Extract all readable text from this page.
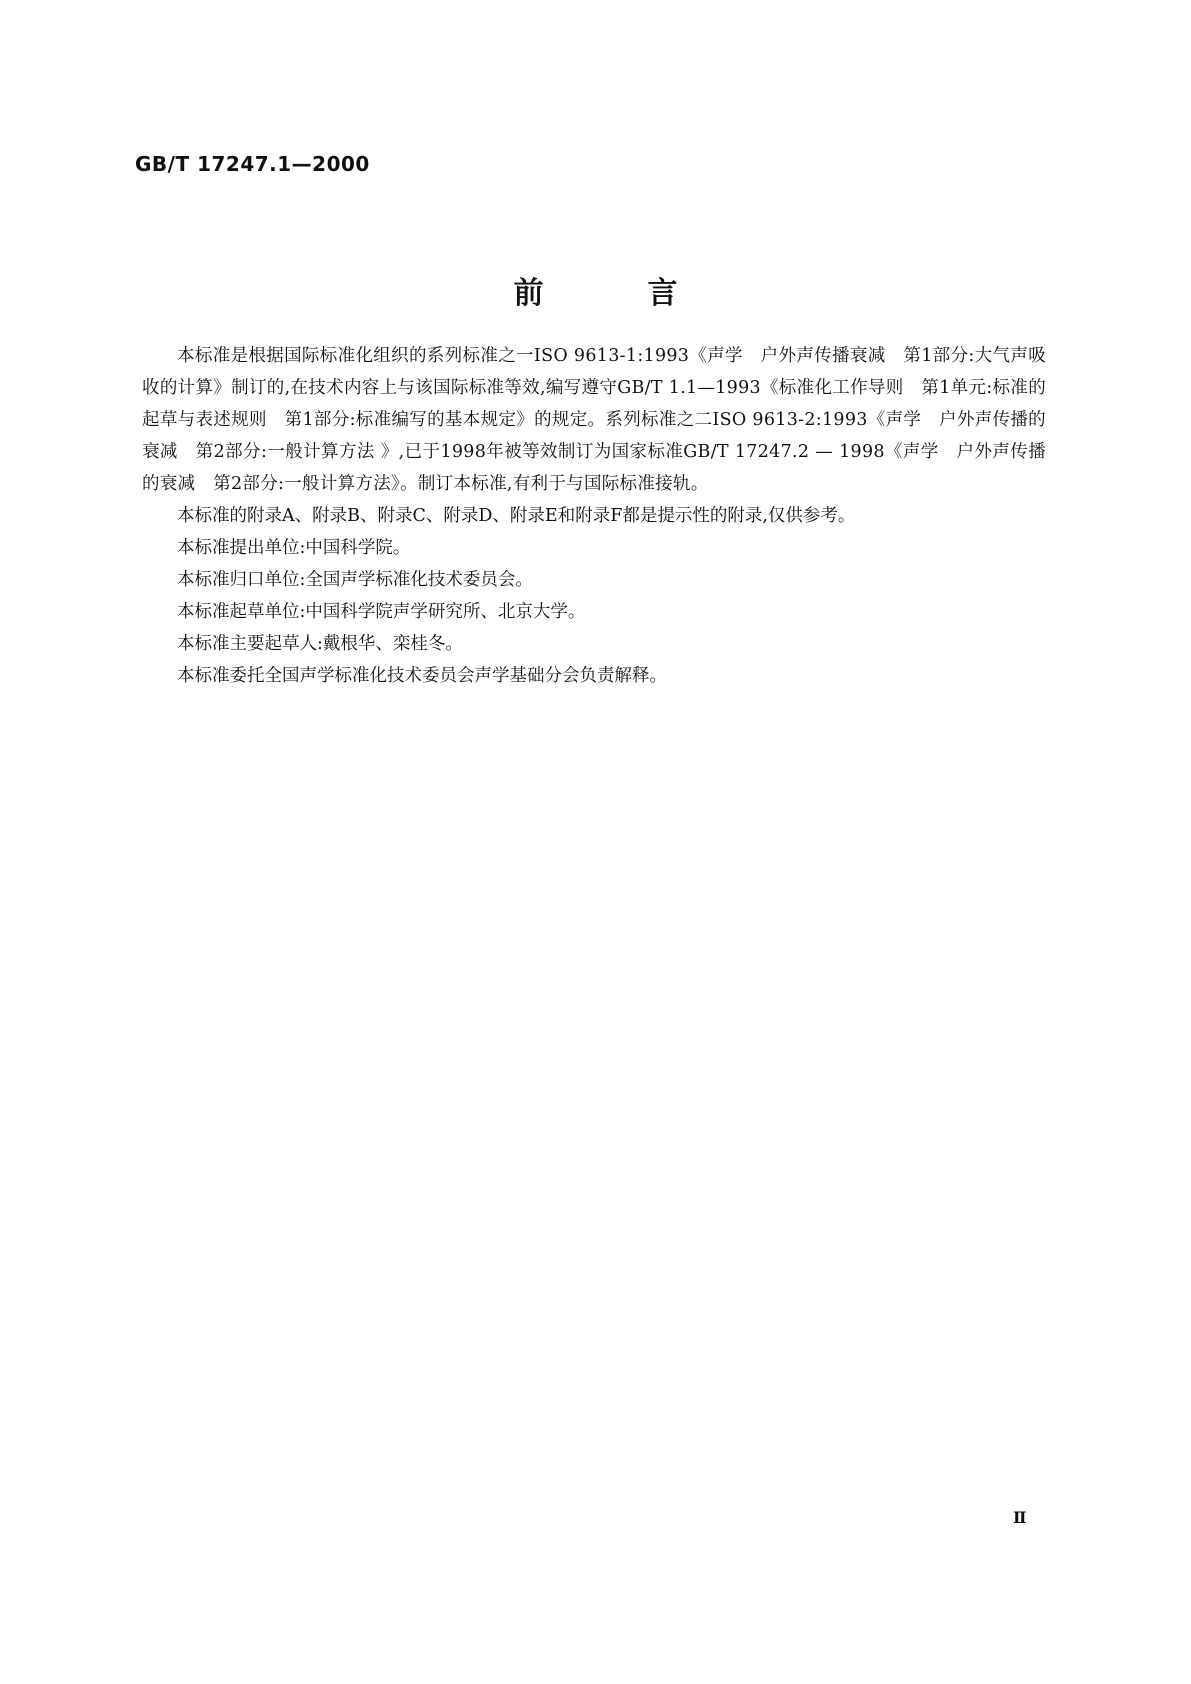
GB/T 17247.1—2000
前	言

本标准是根据国际标准化组织的系列标准之一ISO 9613-1:1993《声学　户外声传播衰减　第1部分:大气声吸收的计算》制订的,在技术内容上与该国际标准等效,编写遵守GB/T 1.1—1993《标准化工作导则　第1单元:标准的起草与表述规则　第1部分:标准编写的基本规定》的规定。系列标准之二ISO 9613-2:1993《声学　户外声传播的衰减　第2部分:一般计算方法 》,已于1998年被等效制订为国家标准GB/T 17247.2 — 1998《声学　户外声传播的衰减　第2部分:一般计算方法》。制订本标准,有利于与国际标准接轨。

本标准的附录A、附录B、附录C、附录D、附录E和附录F都是提示性的附录,仅供参考。

本标准提出单位:中国科学院。

本标准归口单位:全国声学标准化技术委员会。

本标准起草单位:中国科学院声学研究所、北京大学。

本标准主要起草人:戴根华、栾桂冬。

本标准委托全国声学标准化技术委员会声学基础分会负责解释。

Ⅱ
